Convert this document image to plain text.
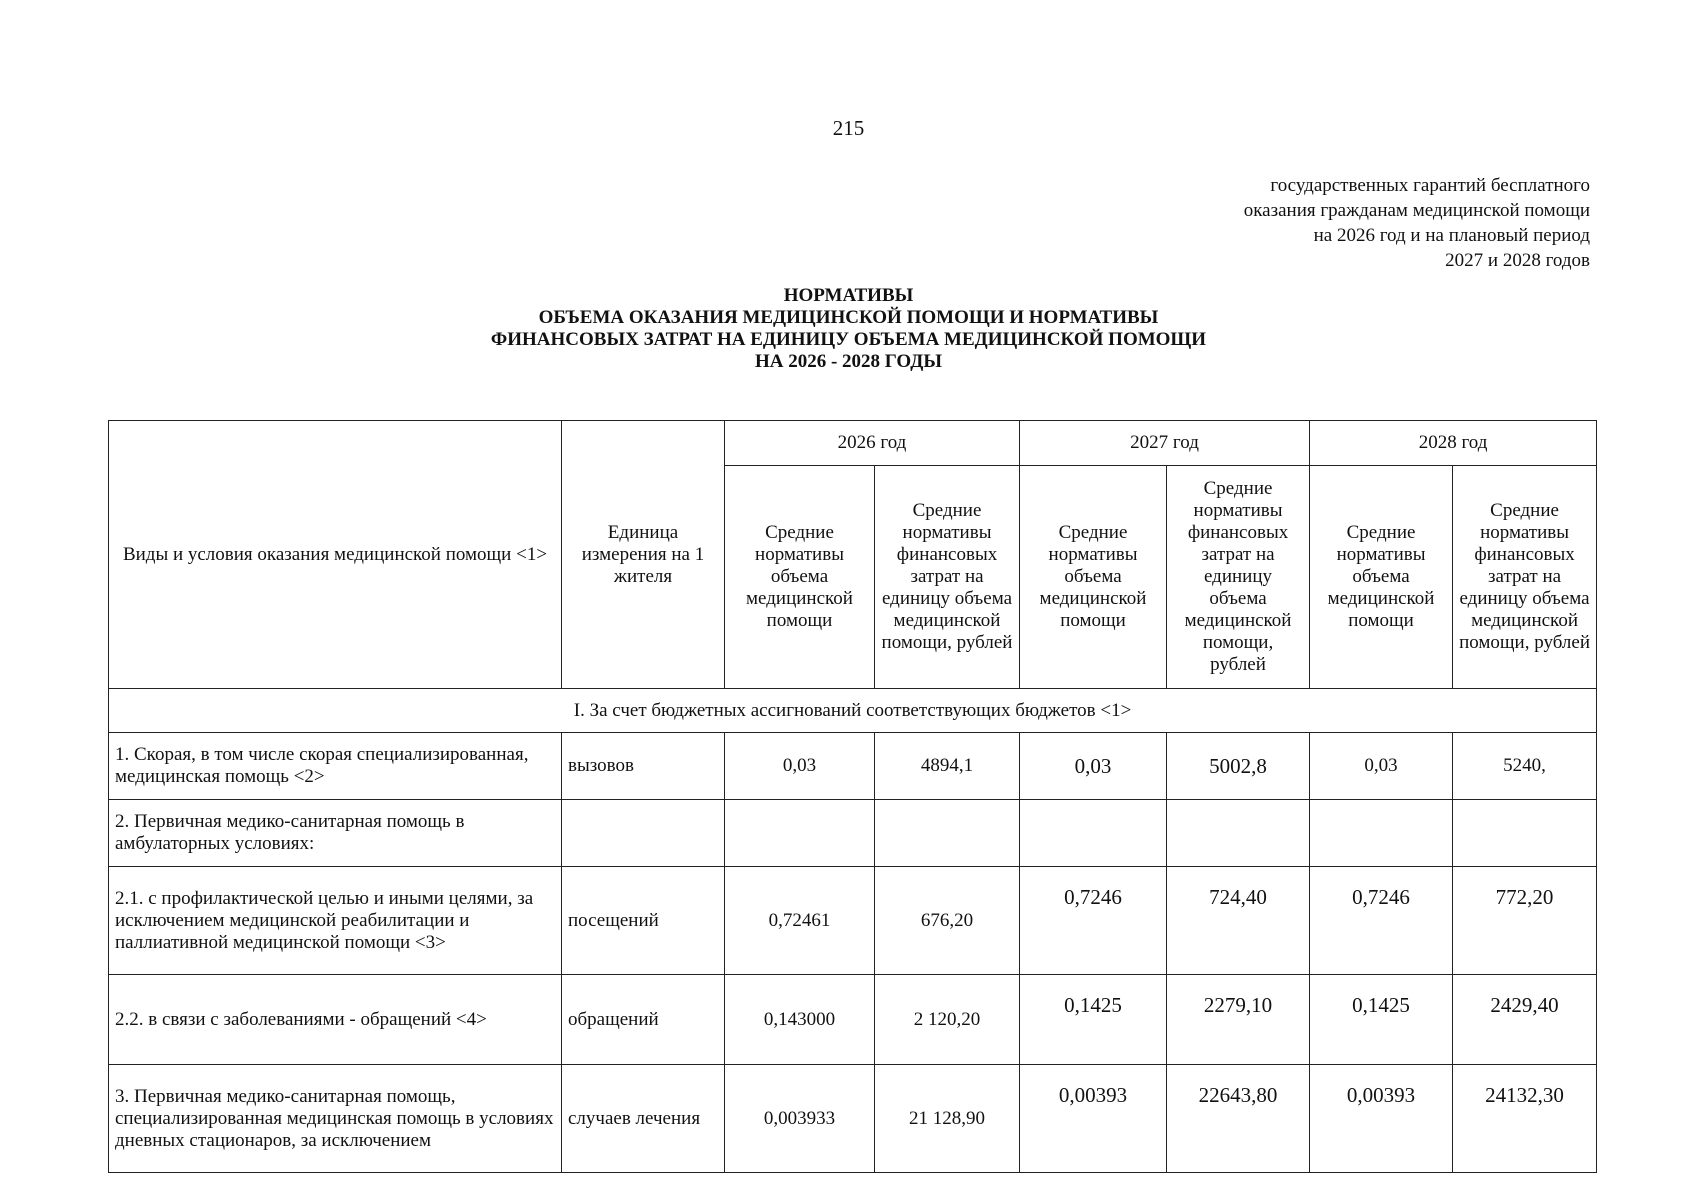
215
государственных гарантий бесплатного
оказания гражданам медицинской помощи
на 2026 год и на плановый период
2027 и 2028 годов
НОРМАТИВЫ
ОБЪЕМА ОКАЗАНИЯ МЕДИЦИНСКОЙ ПОМОЩИ И НОРМАТИВЫ
ФИНАНСОВЫХ ЗАТРАТ НА ЕДИНИЦУ ОБЪЕМА МЕДИЦИНСКОЙ ПОМОЩИ
НА 2026 - 2028 ГОДЫ
Виды и условия оказания медицинской помощи <1>	Единица измерения на 1 жителя	2026 год		2027 год		2028 год	
		Средние нормативы объема медицинской помощи	Средние нормативы финансовых затрат на единицу объема медицинской помощи, рублей	Средние нормативы объема медицинской помощи	Средние нормативы финансовых затрат на единицу объема медицинской помощи, рублей	Средние нормативы объема медицинской помощи	Средние нормативы финансовых затрат на единицу объема медицинской помощи, рублей
I. За счет бюджетных ассигнований соответствующих бюджетов <1>							
1. Скорая, в том числе скорая специализированная, медицинская помощь <2>	вызовов	0,03	4894,1	0,03	5002,8	0,03	5240,
2. Первичная медико-санитарная помощь в амбулаторных условиях:							
2.1. с профилактической целью и иными целями, за исключением медицинской реабилитации и паллиативной медицинской помощи <3>	посещений	0,72461	676,20	0,7246	724,40	0,7246	772,20
2.2. в связи с заболеваниями - обращений <4>	обращений	0,143000	2 120,20	0,1425	2279,10	0,1425	2429,40
3. Первичная медико-санитарная помощь, специализированная медицинская помощь в условиях дневных стационаров, за исключением	случаев лечения	0,003933	21 128,90	0,00393	22643,80	0,00393	24132,30
